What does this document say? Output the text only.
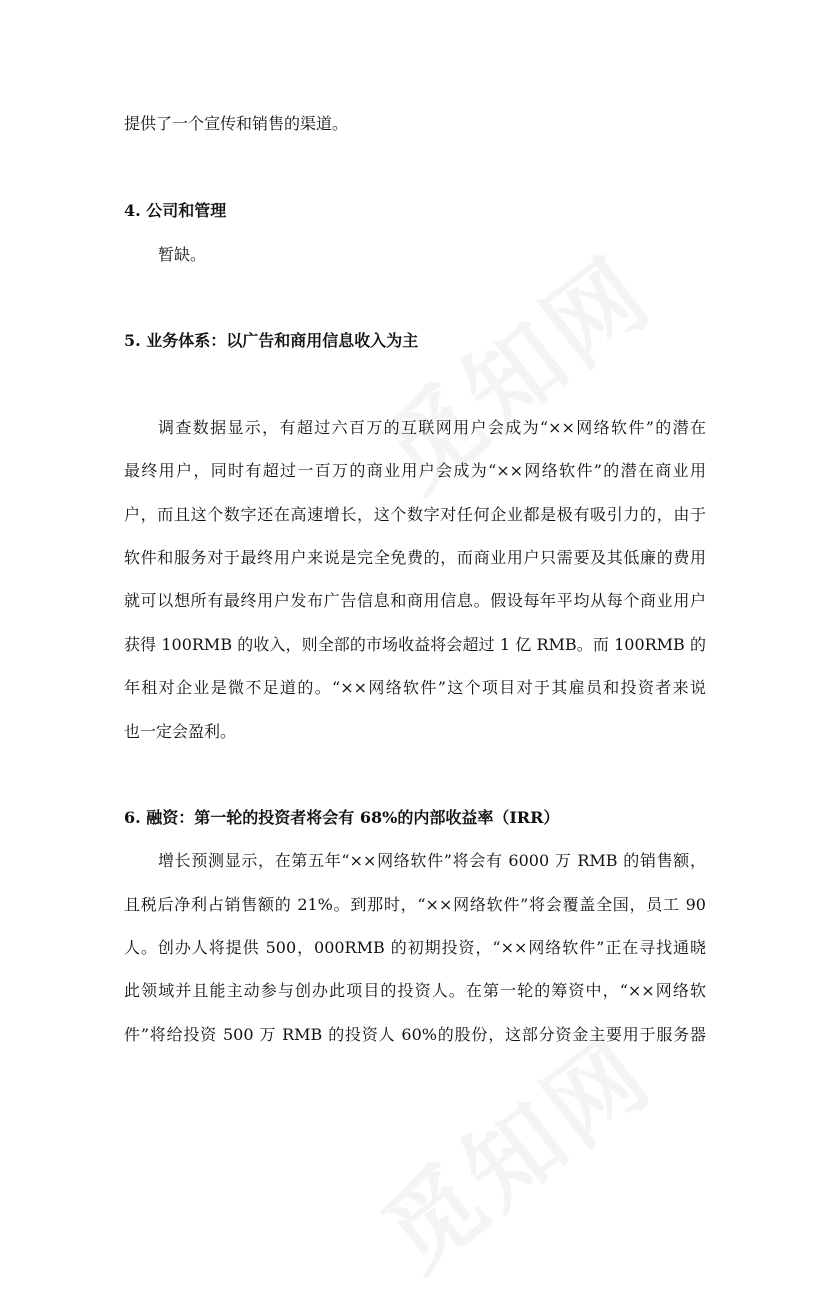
提供了一个宣传和销售的渠道。
4. 公司和管理
暂缺。
5. 业务体系：以广告和商用信息收入为主
调查数据显示，有超过六百万的互联网用户会成为“××网络软件”的潜在
最终用户，同时有超过一百万的商业用户会成为“××网络软件”的潜在商业用
户，而且这个数字还在高速增长，这个数字对任何企业都是极有吸引力的，由于
软件和服务对于最终用户来说是完全免费的，而商业用户只需要及其低廉的费用
就可以想所有最终用户发布广告信息和商用信息。假设每年平均从每个商业用户
获得 100RMB 的收入，则全部的市场收益将会超过 1 亿 RMB。而 100RMB 的
年租对企业是微不足道的。“××网络软件”这个项目对于其雇员和投资者来说
也一定会盈利。
6. 融资：第一轮的投资者将会有 68%的内部收益率（IRR）
增长预测显示，在第五年“××网络软件”将会有 6000 万 RMB 的销售额，
且税后净利占销售额的 21%。到那时，“××网络软件”将会覆盖全国，员工 90
人。创办人将提供 500，000RMB 的初期投资，“××网络软件”正在寻找通晓
此领域并且能主动参与创办此项目的投资人。在第一轮的筹资中，“××网络软
件”将给投资 500 万 RMB 的投资人 60%的股份，这部分资金主要用于服务器
